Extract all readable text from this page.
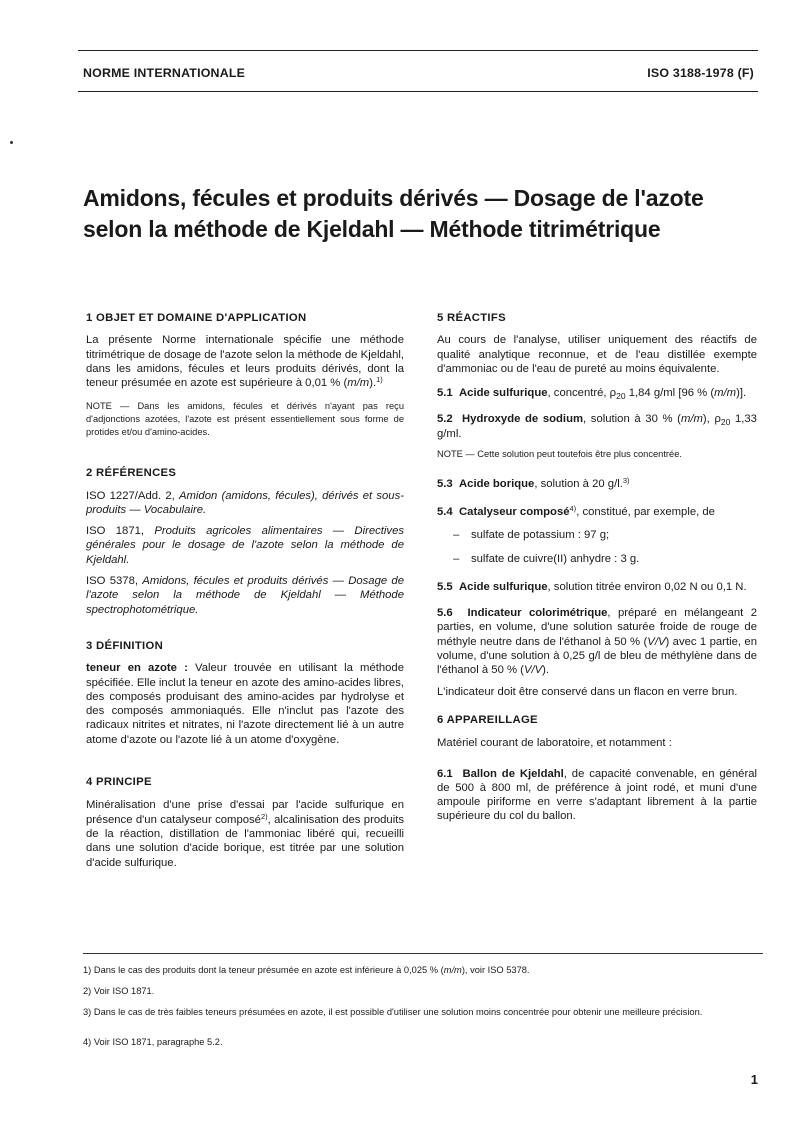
NORME INTERNATIONALE	ISO 3188-1978 (F)
Amidons, fécules et produits dérivés — Dosage de l'azote
selon la méthode de Kjeldahl — Méthode titrimétrique

1 OBJET ET DOMAINE D'APPLICATION

La présente Norme internationale spécifie une méthode titrimétrique de dosage de l'azote selon la méthode de Kjeldahl, dans les amidons, fécules et leurs produits dérivés, dont la teneur présumée en azote est supérieure à 0,01 % (m/m).$^{1)}$

NOTE — Dans les amidons, fécules et dérivés n'ayant pas reçu d'adjonctions azotées, l'azote est présent essentiellement sous forme de protides et/ou d'amino-acides.

2 RÉFÉRENCES

ISO 1227/Add. 2, Amidon (amidons, fécules), dérivés et sous-produits — Vocabulaire.

ISO 1871, Produits agricoles alimentaires — Directives générales pour le dosage de l'azote selon la méthode de Kjeldahl.

ISO 5378, Amidons, fécules et produits dérivés — Dosage de l'azote selon la méthode de Kjeldahl — Méthode spectrophotométrique.

3 DÉFINITION

teneur en azote : Valeur trouvée en utilisant la méthode spécifiée. Elle inclut la teneur en azote des amino-acides libres, des composés produisant des amino-acides par hydrolyse et des composés ammoniaqués. Elle n'inclut pas l'azote des radicaux nitrites et nitrates, ni l'azote directement lié à un autre atome d'azote ou l'azote lié à un atome d'oxygène.

4 PRINCIPE

Minéralisation d'une prise d'essai par l'acide sulfurique en présence d'un catalyseur composé$^{2)}$, alcalinisation des produits de la réaction, distillation de l'ammoniac libéré qui, recueilli dans une solution d'acide borique, est titrée par une solution d'acide sulfurique.

5 RÉACTIFS

Au cours de l'analyse, utiliser uniquement des réactifs de qualité analytique reconnue, et de l'eau distillée exempte d'ammoniac ou de l'eau de pureté au moins équivalente.

5.1 Acide sulfurique, concentré, $\rho_{20}$ 1,84 g/ml [96 % (m/m)].

5.2 Hydroxyde de sodium, solution à 30 % (m/m), $\rho_{20}$ 1,33 g/ml.

NOTE — Cette solution peut toutefois être plus concentrée.

5.3 Acide borique, solution à 20 g/l.$^{3)}$

5.4 Catalyseur composé$^{4)}$, constitué, par exemple, de

– sulfate de potassium : 97 g;

– sulfate de cuivre(II) anhydre : 3 g.

5.5 Acide sulfurique, solution titrée environ 0,02 N ou 0,1 N.

5.6 Indicateur colorimétrique, préparé en mélangeant 2 parties, en volume, d'une solution saturée froide de rouge de méthyle neutre dans de l'éthanol à 50 % (V/V) avec 1 partie, en volume, d'une solution à 0,25 g/l de bleu de méthylène dans de l'éthanol à 50 % (V/V).

L'indicateur doit être conservé dans un flacon en verre brun.

6 APPAREILLAGE

Matériel courant de laboratoire, et notamment :

6.1 Ballon de Kjeldahl, de capacité convenable, en général de 500 à 800 ml, de préférence à joint rodé, et muni d'une ampoule piriforme en verre s'adaptant librement à la partie supérieure du col du ballon.

1) Dans le cas des produits dont la teneur présumée en azote est inférieure à 0,025 % (m/m), voir ISO 5378.
2) Voir ISO 1871.
3) Dans le cas de très faibles teneurs présumées en azote, il est possible d'utiliser une solution moins concentrée pour obtenir une meilleure précision.
4) Voir ISO 1871, paragraphe 5.2.
1
